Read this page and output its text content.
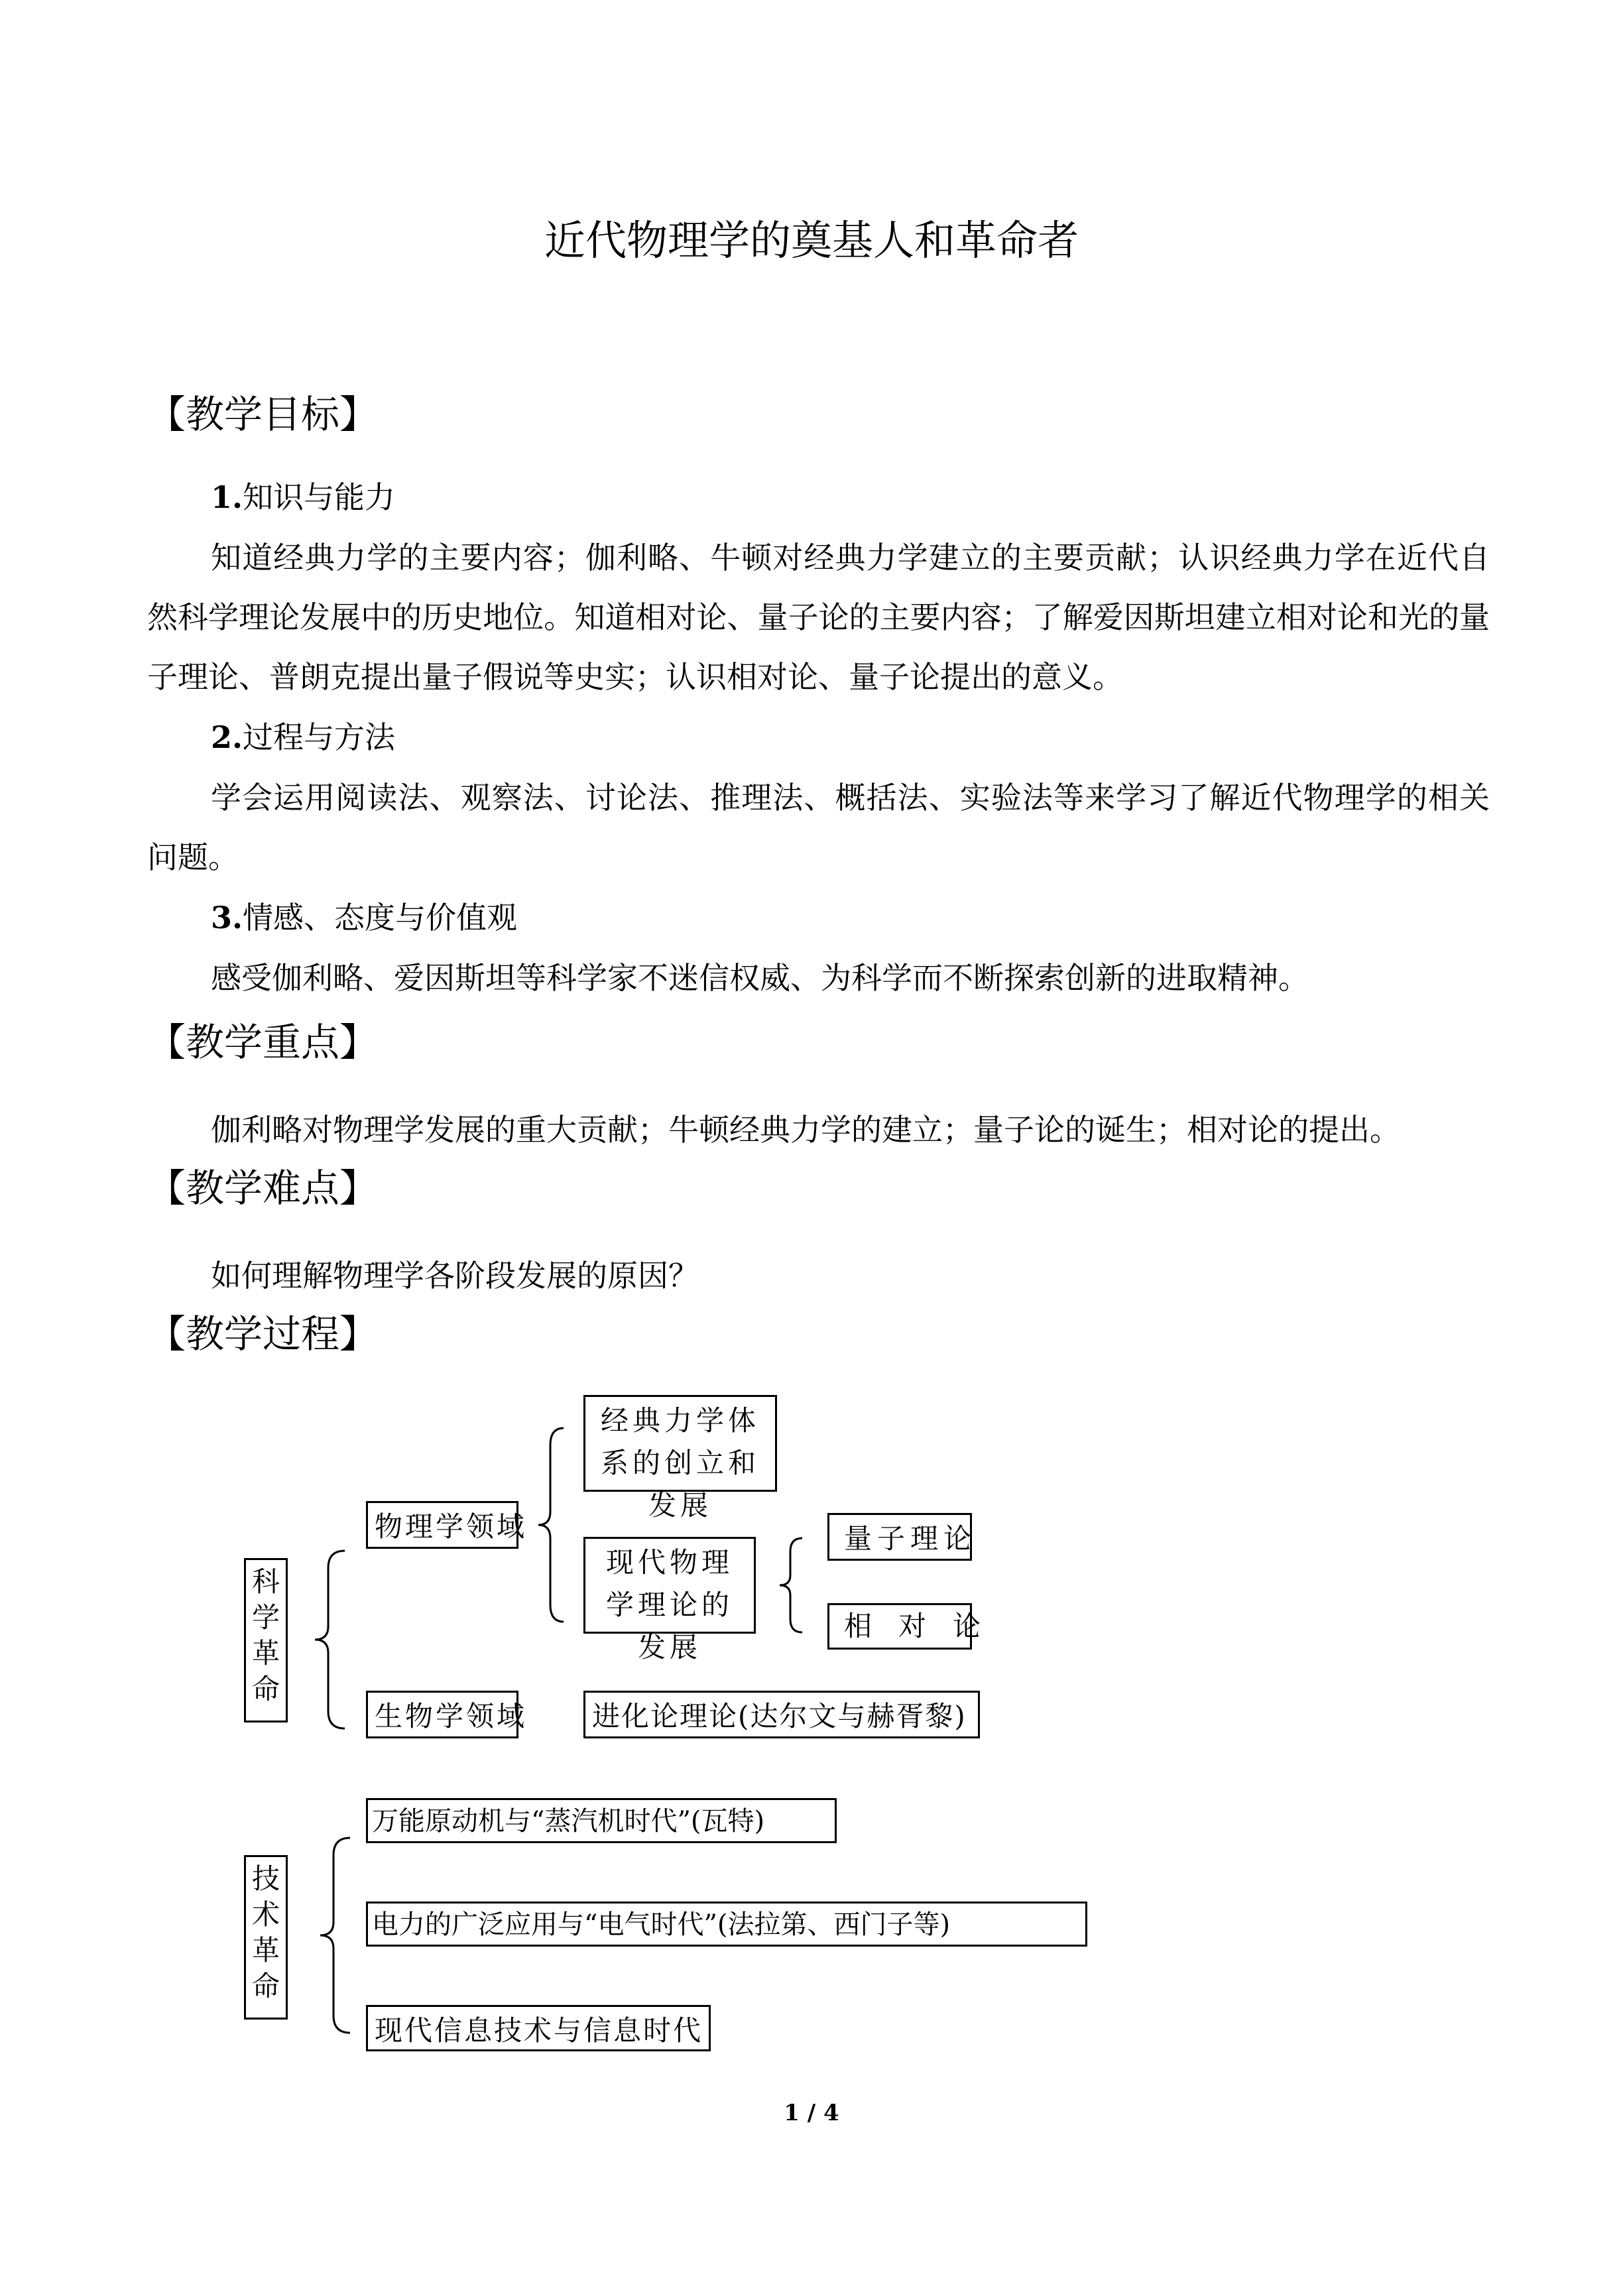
近代物理学的奠基人和革命者
【教学目标】
1.知识与能力
知道经典力学的主要内容；伽利略、牛顿对经典力学建立的主要贡献；认识经典力学在近代自然科学理论发展中的历史地位。知道相对论、量子论的主要内容；了解爱因斯坦建立相对论和光的量子理论、普朗克提出量子假说等史实；认识相对论、量子论提出的意义。
2.过程与方法
学会运用阅读法、观察法、讨论法、推理法、概括法、实验法等来学习了解近代物理学的相关问题。
3.情感、态度与价值观
感受伽利略、爱因斯坦等科学家不迷信权威、为科学而不断探索创新的进取精神。
【教学重点】
伽利略对物理学发展的重大贡献；牛顿经典力学的建立；量子论的诞生；相对论的提出。
【教学难点】
如何理解物理学各阶段发展的原因？
【教学过程】
科
学
革
命
物理学领域
经典力学体系的创立和发展
现代物理学理论的发展
量子理论
相对论
生物学领域	进化论理论(达尔文与赫胥黎)
技
术
革
命
万能原动机与“蒸汽机时代”(瓦特)
电力的广泛应用与“电气时代”(法拉第、西门子等)
现代信息技术与信息时代
1 / 4
